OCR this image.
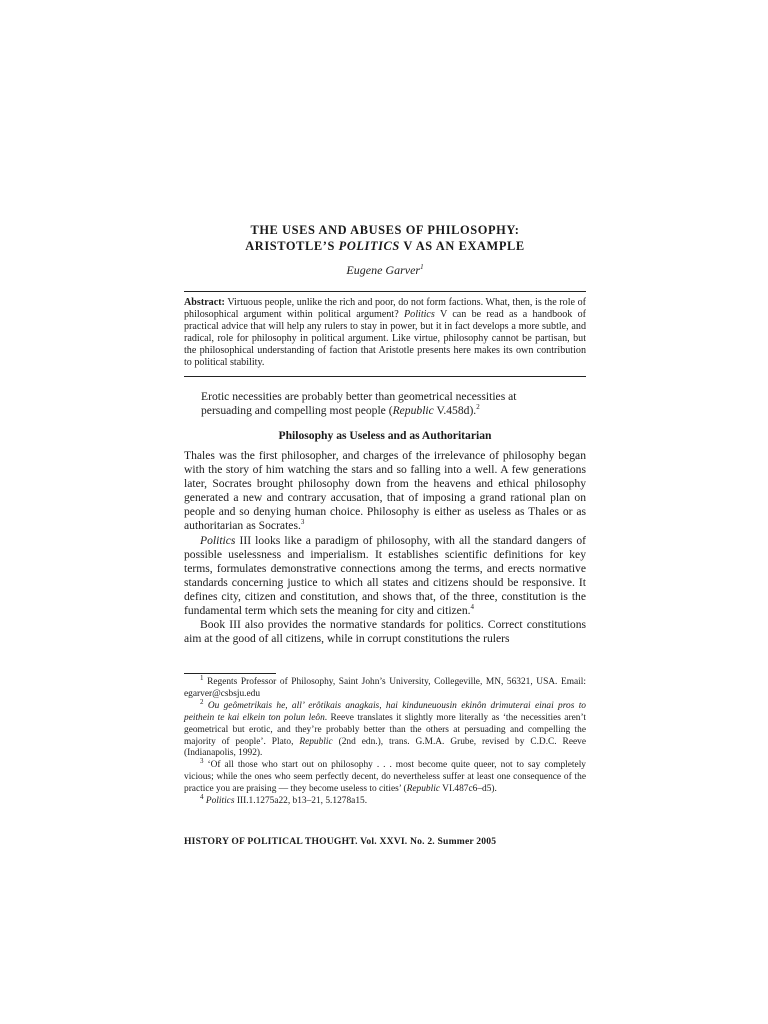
THE USES AND ABUSES OF PHILOSOPHY:
ARISTOTLE’S POLITICS V AS AN EXAMPLE
Eugene Garver$^1$
Abstract: Virtuous people, unlike the rich and poor, do not form factions. What, then, is the role of philosophical argument within political argument? Politics V can be read as a handbook of practical advice that will help any rulers to stay in power, but it in fact develops a more subtle, and radical, role for philosophy in political argument. Like virtue, philosophy cannot be partisan, but the philosophical understanding of faction that Aristotle presents here makes its own contribution to political stability.
Erotic necessities are probably better than geometrical necessities at persuading and compelling most people (Republic V.458d).$^2$
Philosophy as Useless and as Authoritarian

Thales was the first philosopher, and charges of the irrelevance of philosophy began with the story of him watching the stars and so falling into a well. A few generations later, Socrates brought philosophy down from the heavens and ethical philosophy generated a new and contrary accusation, that of imposing a grand rational plan on people and so denying human choice. Philosophy is either as useless as Thales or as authoritarian as Socrates.$^3$

Politics III looks like a paradigm of philosophy, with all the standard dangers of possible uselessness and imperialism. It establishes scientific definitions for key terms, formulates demonstrative connections among the terms, and erects normative standards concerning justice to which all states and citizens should be responsive. It defines city, citizen and constitution, and shows that, of the three, constitution is the fundamental term which sets the meaning for city and citizen.$^4$

Book III also provides the normative standards for politics. Correct constitutions aim at the good of all citizens, while in corrupt constitutions the rulers

$^1$ Regents Professor of Philosophy, Saint John’s University, Collegeville, MN, 56321, USA. Email: egarver@csbsju.edu

$^2$ Ou geômetrikais he, all’ erôtikais anagkais, hai kinduneuousin ekinôn drimuterai einai pros to peithein te kai elkein ton polun leôn. Reeve translates it slightly more literally as ‘the necessities aren’t geometrical but erotic, and they’re probably better than the others at persuading and compelling the majority of people’. Plato, Republic (2nd edn.), trans. G.M.A. Grube, revised by C.D.C. Reeve (Indianapolis, 1992).

$^3$ ‘Of all those who start out on philosophy . . . most become quite queer, not to say completely vicious; while the ones who seem perfectly decent, do nevertheless suffer at least one consequence of the practice you are praising — they become useless to cities’ (Republic VI.487c6–d5).

$^4$ Politics III.1.1275a22, b13–21, 5.1278a15.

HISTORY OF POLITICAL THOUGHT. Vol. XXVI. No. 2. Summer 2005
